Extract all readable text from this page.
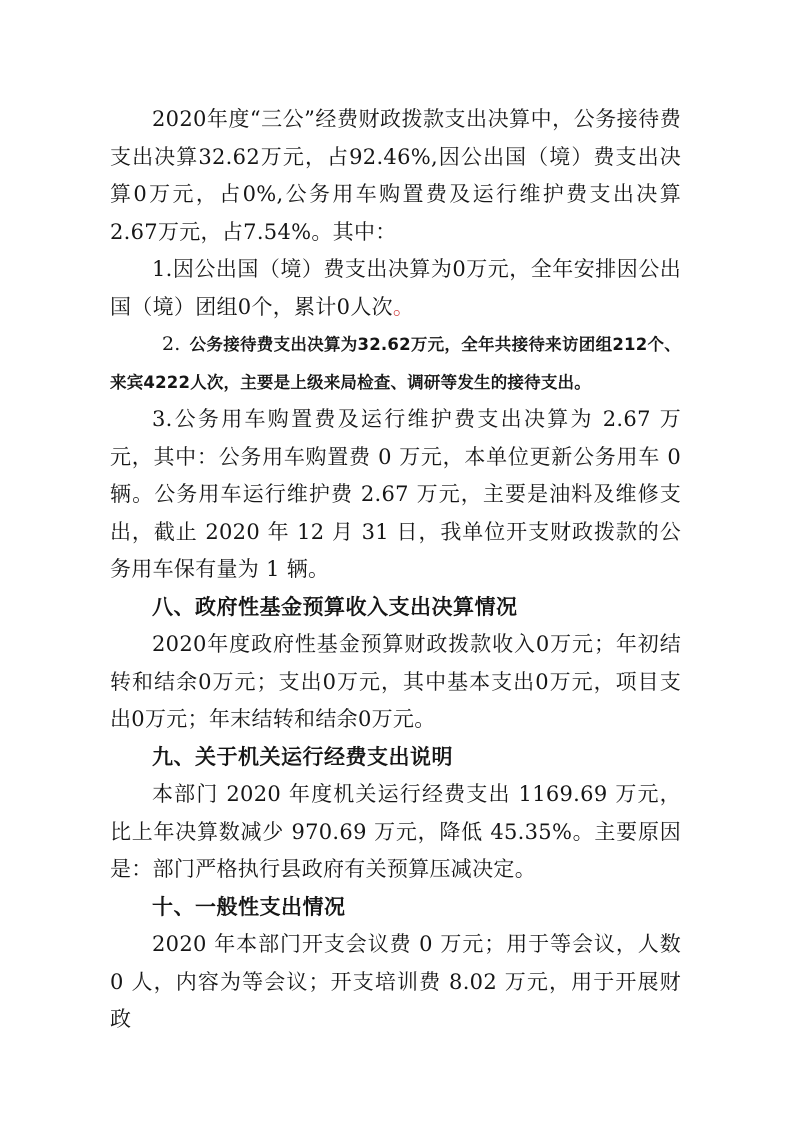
2020年度“三公”经费财政拨款支出决算中，公务接待费支出决算32.62万元，占92.46%,因公出国（境）费支出决算0万元，占0%,公务用车购置费及运行维护费支出决算2.67万元，占7.54%。其中：

1.因公出国（境）费支出决算为0万元，全年安排因公出国（境）团组0个，累计0人次。

2. 公务接待费支出决算为32.62万元，全年共接待来访团组212个、来宾4222人次，主要是上级来局检查、调研等发生的接待支出。

3.公务用车购置费及运行维护费支出决算为 2.67 万元，其中：公务用车购置费 0 万元，本单位更新公务用车 0 辆。公务用车运行维护费 2.67 万元，主要是油料及维修支出，截止 2020 年 12 月 31 日，我单位开支财政拨款的公务用车保有量为 1 辆。

八、政府性基金预算收入支出决算情况

2020年度政府性基金预算财政拨款收入0万元；年初结转和结余0万元；支出0万元，其中基本支出0万元，项目支出0万元；年末结转和结余0万元。

九、关于机关运行经费支出说明

本部门 2020 年度机关运行经费支出 1169.69 万元，比上年决算数减少 970.69 万元，降低 45.35%。主要原因是：部门严格执行县政府有关预算压减决定。

十、一般性支出情况

2020 年本部门开支会议费 0 万元；用于等会议，人数 0 人，内容为等会议；开支培训费 8.02 万元，用于开展财政
